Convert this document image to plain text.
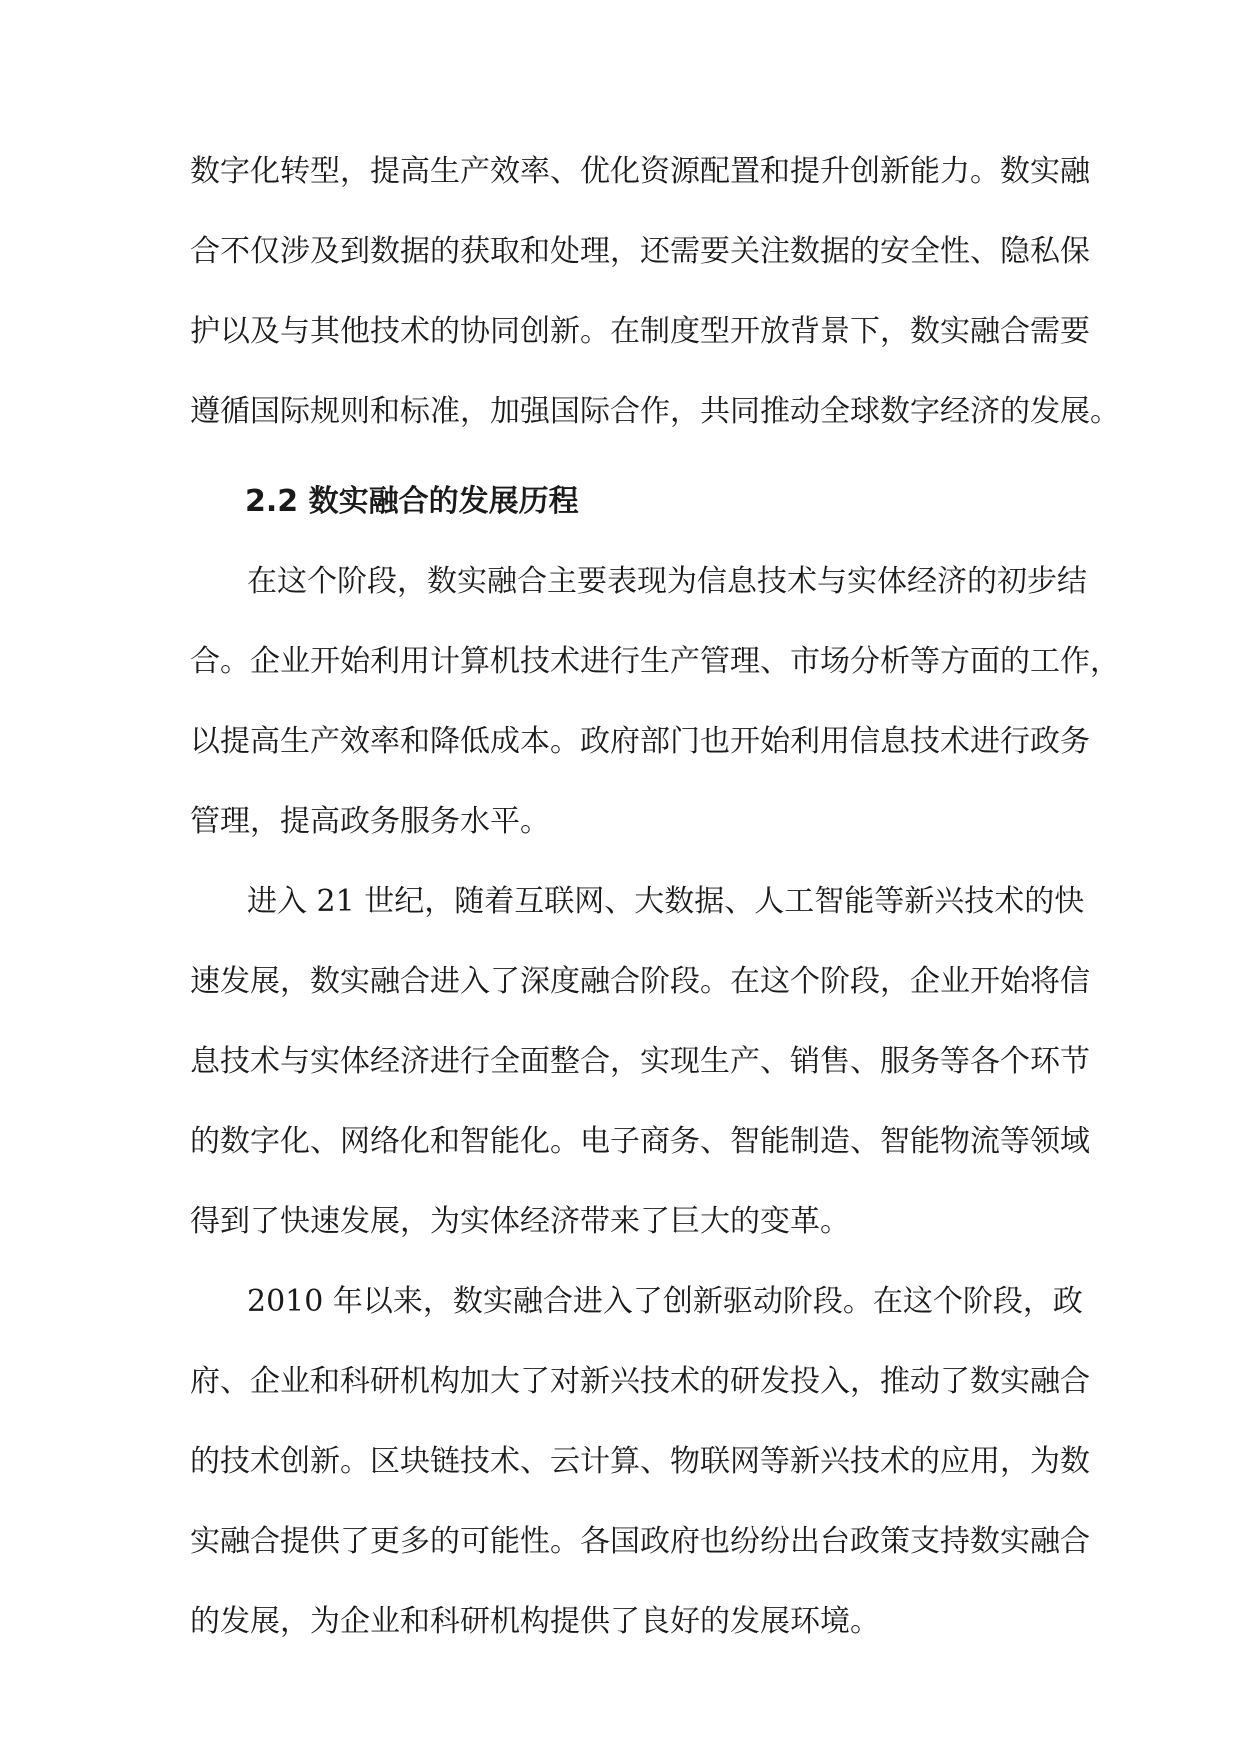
数字化转型，提高生产效率、优化资源配置和提升创新能力。数实融
合不仅涉及到数据的获取和处理，还需要关注数据的安全性、隐私保
护以及与其他技术的协同创新。在制度型开放背景下，数实融合需要
遵循国际规则和标准，加强国际合作，共同推动全球数字经济的发展。
2.2 数实融合的发展历程
在这个阶段，数实融合主要表现为信息技术与实体经济的初步结
合。企业开始利用计算机技术进行生产管理、市场分析等方面的工作，
以提高生产效率和降低成本。政府部门也开始利用信息技术进行政务
管理，提高政务服务水平。
进入 21 世纪，随着互联网、大数据、人工智能等新兴技术的快
速发展，数实融合进入了深度融合阶段。在这个阶段，企业开始将信
息技术与实体经济进行全面整合，实现生产、销售、服务等各个环节
的数字化、网络化和智能化。电子商务、智能制造、智能物流等领域
得到了快速发展，为实体经济带来了巨大的变革。
2010 年以来，数实融合进入了创新驱动阶段。在这个阶段，政
府、企业和科研机构加大了对新兴技术的研发投入，推动了数实融合
的技术创新。区块链技术、云计算、物联网等新兴技术的应用，为数
实融合提供了更多的可能性。各国政府也纷纷出台政策支持数实融合
的发展，为企业和科研机构提供了良好的发展环境。
